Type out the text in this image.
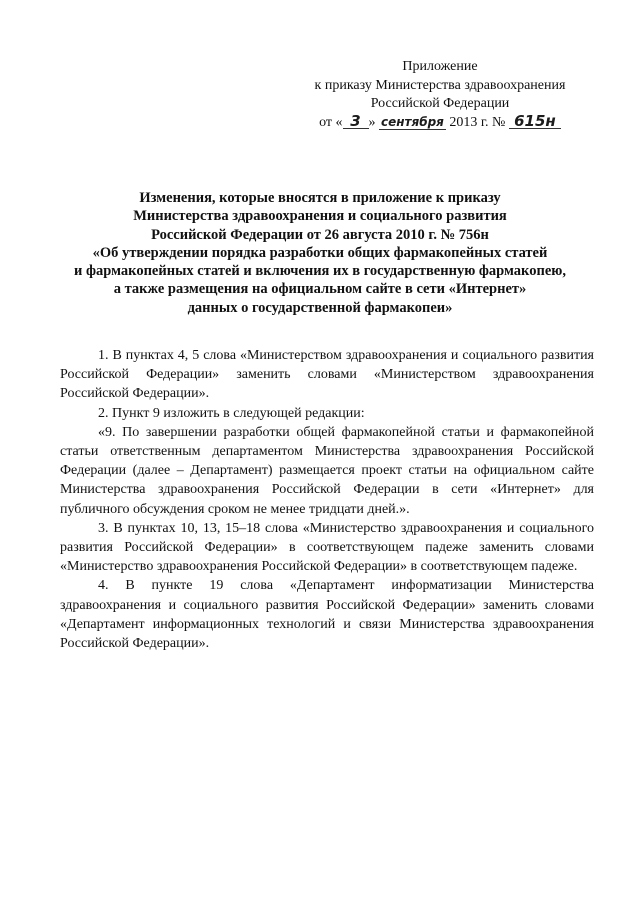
Приложение
к приказу Министерства здравоохранения
Российской Федерации
от « 3 » сентября 2013 г. № 615н
Изменения, которые вносятся в приложение к приказу
Министерства здравоохранения и социального развития
Российской Федерации от 26 августа 2010 г. № 756н
«Об утверждении порядка разработки общих фармакопейных статей
и фармакопейных статей и включения их в государственную фармакопею,
а также размещения на официальном сайте в сети «Интернет»
данных о государственной фармакопеи»

1. В пунктах 4, 5 слова «Министерством здравоохранения и социального развития Российской Федерации» заменить словами «Министерством здравоохранения Российской Федерации».

2. Пункт 9 изложить в следующей редакции:

«9. По завершении разработки общей фармакопейной статьи и фармакопейной статьи ответственным департаментом Министерства здравоохранения Российской Федерации (далее – Департамент) размещается проект статьи на официальном сайте Министерства здравоохранения Российской Федерации в сети «Интернет» для публичного обсуждения сроком не менее тридцати дней.».

3. В пунктах 10, 13, 15–18 слова «Министерство здравоохранения и социального развития Российской Федерации» в соответствующем падеже заменить словами «Министерство здравоохранения Российской Федерации» в соответствующем падеже.

4. В пункте 19 слова «Департамент информатизации Министерства здравоохранения и социального развития Российской Федерации» заменить словами «Департамент информационных технологий и связи Министерства здравоохранения Российской Федерации».
